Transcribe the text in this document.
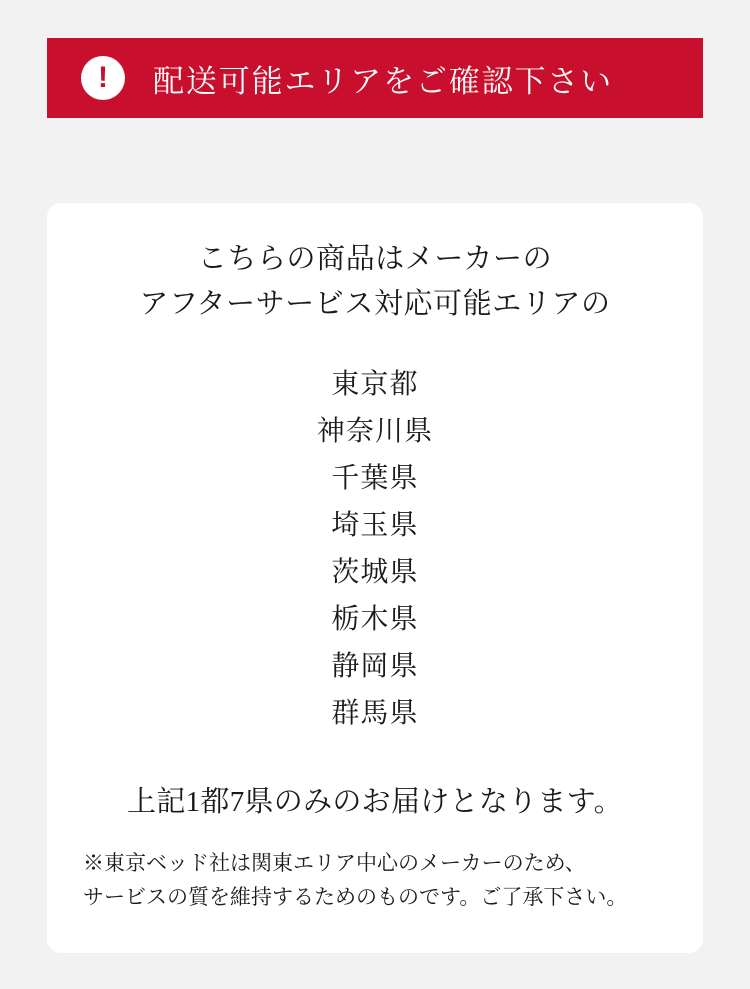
! 配送可能エリアをご確認下さい
こちらの商品はメーカーの
アフターサービス対応可能エリアの
東京都
神奈川県
千葉県
埼玉県
茨城県
栃木県
静岡県
群馬県
上記1都7県のみのお届けとなります。
※東京ベッド社は関東エリア中心のメーカーのため、
サービスの質を維持するためのものです。ご了承下さい。
